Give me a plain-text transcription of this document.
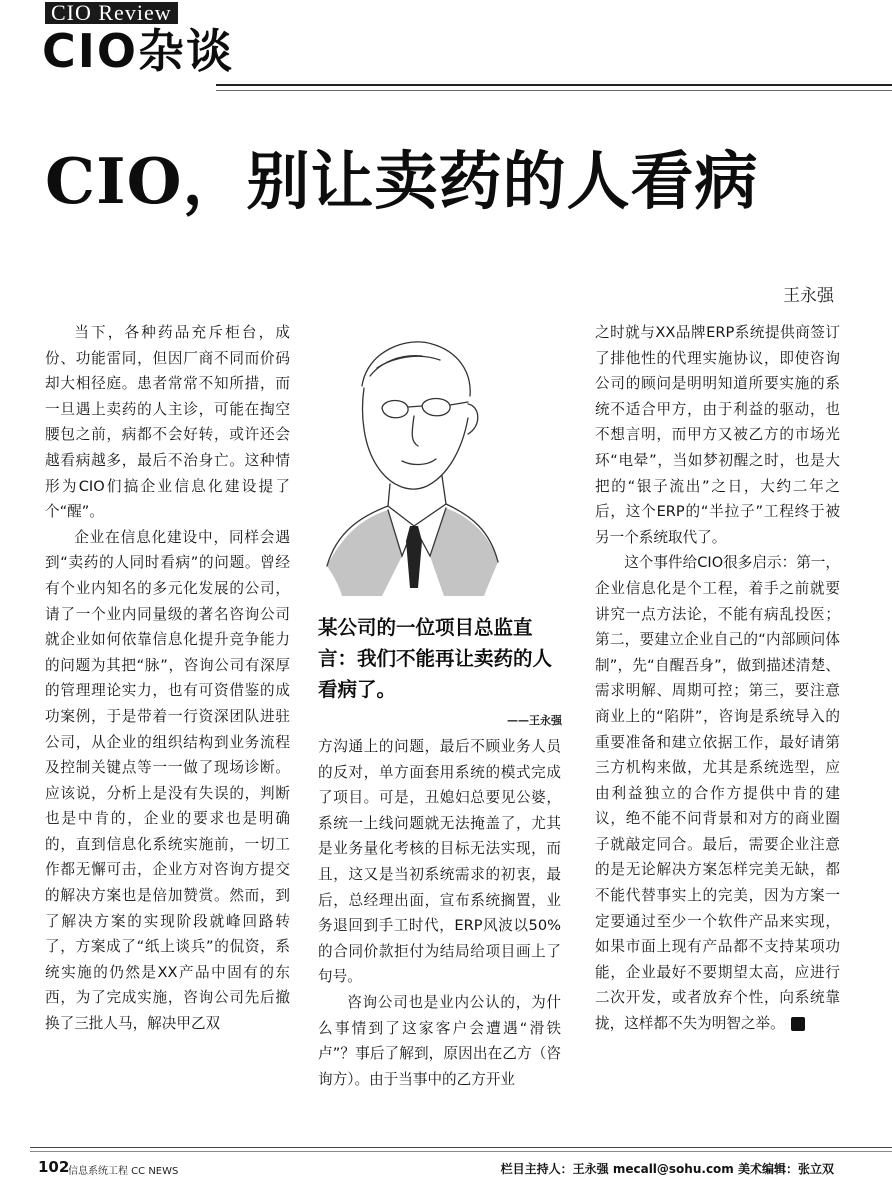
CIO Review
CIO杂谈
CIO，别让卖药的人看病
王永强

当下，各种药品充斥柜台，成份、功能雷同，但因厂商不同而价码却大相径庭。患者常常不知所措，而一旦遇上卖药的人主诊，可能在掏空腰包之前，病都不会好转，或许还会越看病越多，最后不治身亡。这种情形为CIO们搞企业信息化建设提了个“醒”。

企业在信息化建设中，同样会遇到“卖药的人同时看病”的问题。曾经有个业内知名的多元化发展的公司，请了一个业内同量级的著名咨询公司就企业如何依靠信息化提升竞争能力的问题为其把“脉”，咨询公司有深厚的管理理论实力，也有可资借鉴的成功案例，于是带着一行资深团队进驻公司，从企业的组织结构到业务流程及控制关键点等一一做了现场诊断。应该说，分析上是没有失误的，判断也是中肯的，企业的要求也是明确的，直到信息化系统实施前，一切工作都无懈可击，企业方对咨询方提交的解决方案也是倍加赞赏。然而，到了解决方案的实现阶段就峰回路转了，方案成了“纸上谈兵”的侃资，系统实施的仍然是XX产品中固有的东西，为了完成实施，咨询公司先后撤换了三批人马，解决甲乙双

某公司的一位项目总监直言：我们不能再让卖药的人看病了。
——王永强

方沟通上的问题，最后不顾业务人员的反对，单方面套用系统的模式完成了项目。可是，丑媳妇总要见公婆，系统一上线问题就无法掩盖了，尤其是业务量化考核的目标无法实现，而且，这又是当初系统需求的初衷，最后，总经理出面，宣布系统搁置，业务退回到手工时代，ERP风波以50%的合同价款拒付为结局给项目画上了句号。

咨询公司也是业内公认的，为什么事情到了这家客户会遭遇“滑铁卢”？事后了解到，原因出在乙方（咨询方）。由于当事中的乙方开业

之时就与XX品牌ERP系统提供商签订了排他性的代理实施协议，即使咨询公司的顾问是明明知道所要实施的系统不适合甲方，由于利益的驱动，也不想言明，而甲方又被乙方的市场光环“电晕”，当如梦初醒之时，也是大把的“银子流出”之日，大约二年之后，这个ERP的“半拉子”工程终于被另一个系统取代了。

这个事件给CIO很多启示：第一，企业信息化是个工程，着手之前就要讲究一点方法论，不能有病乱投医；第二，要建立企业自己的“内部顾问体制”，先“自醒吾身”，做到描述清楚、需求明解、周期可控；第三，要注意商业上的“陷阱”，咨询是系统导入的重要准备和建立依据工作，最好请第三方机构来做，尤其是系统选型，应由利益独立的合作方提供中肯的建议，绝不能不问背景和对方的商业圈子就敲定同合。最后，需要企业注意的是无论解决方案怎样完美无缺，都不能代替事实上的完美，因为方案一定要通过至少一个软件产品来实现，如果市面上现有产品都不支持某项功能，企业最好不要期望太高，应进行二次开发，或者放弃个性，向系统靠拢，这样都不失为明智之举。	◘

102
信息系统工程 CC NEWS	栏目主持人：王永强 mecall@sohu.com 美术编辑：张立双
